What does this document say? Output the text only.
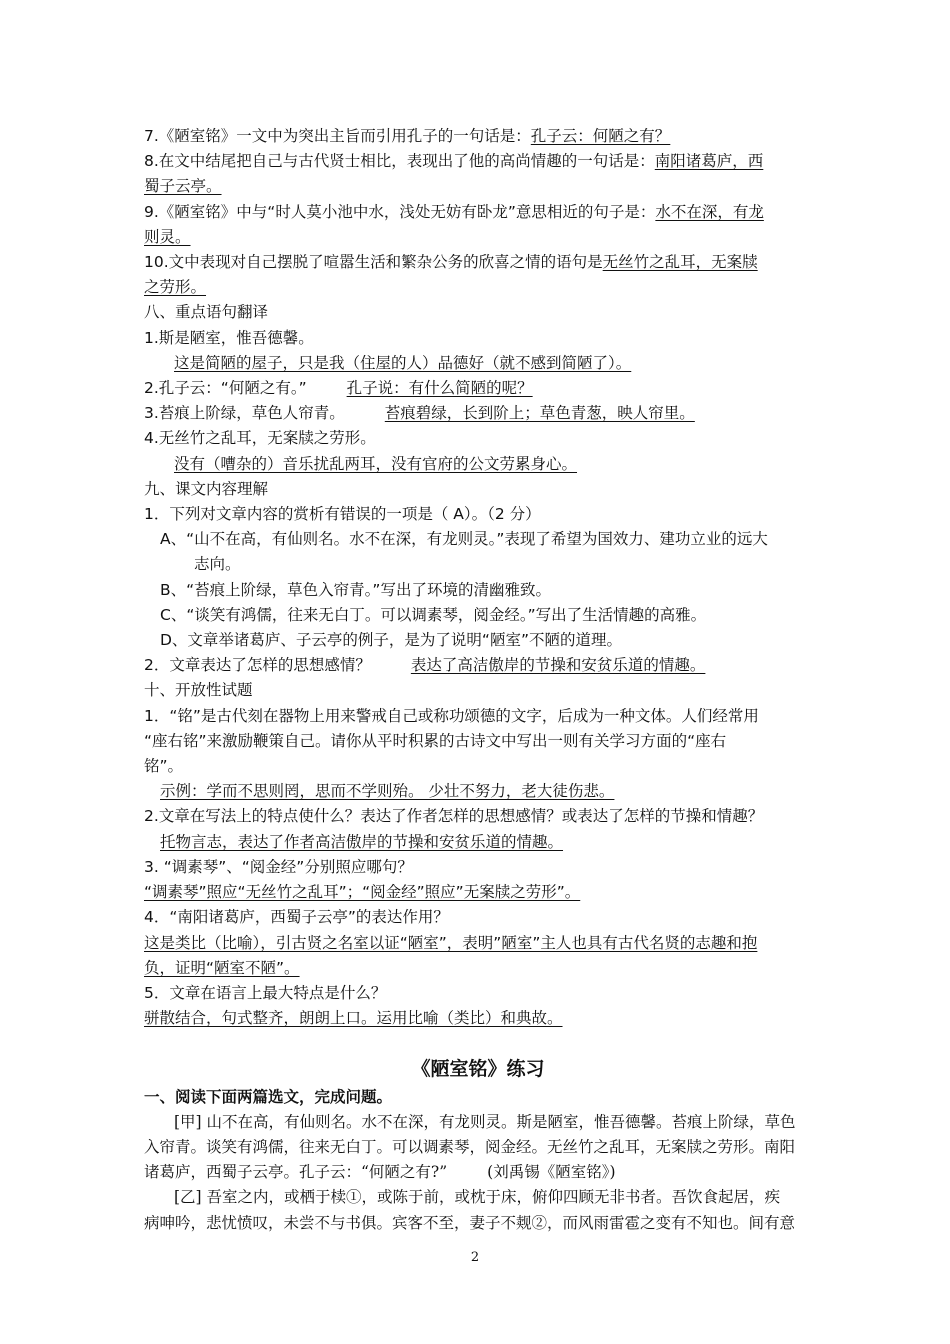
7.《陋室铭》一文中为突出主旨而引用孔子的一句话是：孔子云：何陋之有？
8.在文中结尾把自己与古代贤士相比，表现出了他的高尚情趣的一句话是：南阳诸葛庐，西
蜀子云亭。
9.《陋室铭》中与“时人莫小池中水，浅处无妨有卧龙”意思相近的句子是：水不在深，有龙
则灵。
10.文中表现对自己摆脱了喧嚣生活和繁杂公务的欣喜之情的语句是无丝竹之乱耳，无案牍
之劳形。
八、重点语句翻译
1.斯是陋室，惟吾德馨。
这是简陋的屋子，只是我（住屋的人）品德好（就不感到简陋了）。
2.孔子云：“何陋之有。”	孔子说：有什么简陋的呢？
3.苔痕上阶绿，草色人帘青。	苔痕碧绿，长到阶上；草色青葱，映人帘里。
4.无丝竹之乱耳，无案牍之劳形。
没有（嘈杂的）音乐扰乱两耳，没有官府的公文劳累身心。
九、课文内容理解
1．下列对文章内容的赏析有错误的一项是（ A）。（2 分）
A、“山不在高，有仙则名。水不在深，有龙则灵。”表现了希望为国效力、建功立业的远大
志向。
B、“苔痕上阶绿，草色入帘青。”写出了环境的清幽雅致。
C、“谈笑有鸿儒，往来无白丁。可以调素琴，阅金经。”写出了生活情趣的高雅。
D、文章举诸葛庐、子云亭的例子，是为了说明“陋室”不陋的道理。
2．文章表达了怎样的思想感情？	表达了高洁傲岸的节操和安贫乐道的情趣。
十、开放性试题
1．“铭”是古代刻在器物上用来警戒自己或称功颂德的文字，后成为一种文体。人们经常用
“座右铭”来激励鞭策自己。请你从平时积累的古诗文中写出一则有关学习方面的“座右
铭”。
示例：学而不思则罔，思而不学则殆。 少壮不努力，老大徒伤悲。
2.文章在写法上的特点使什么？表达了作者怎样的思想感情？或表达了怎样的节操和情趣？
托物言志，表达了作者高洁傲岸的节操和安贫乐道的情趣。
3. “调素琴”、“阅金经”分别照应哪句？
“调素琴”照应“无丝竹之乱耳”；“阅金经”照应”无案牍之劳形”。
4．“南阳诸葛庐，西蜀子云亭”的表达作用？
这是类比（比喻），引古贤之名室以证“陋室”，表明”陋室”主人也具有古代名贤的志趣和抱
负，证明“陋室不陋”。
5．文章在语言上最大特点是什么？
骈散结合，句式整齐，朗朗上口。运用比喻（类比）和典故。
《陋室铭》练习
一、阅读下面两篇选文，完成问题。
[甲] 山不在高，有仙则名。水不在深，有龙则灵。斯是陋室，惟吾德馨。苔痕上阶绿，草色
入帘青。谈笑有鸿儒，往来无白丁。可以调素琴，阅金经。无丝竹之乱耳，无案牍之劳形。南阳
诸葛庐，西蜀子云亭。孔子云：“何陋之有?”	(刘禹锡《陋室铭》)
[乙] 吾室之内，或栖于椟①，或陈于前，或枕于床，俯仰四顾无非书者。吾饮食起居，疾
病呻吟，悲忧愤叹，未尝不与书俱。宾客不至，妻子不觌②，而风雨雷雹之变有不知也。间有意
2
